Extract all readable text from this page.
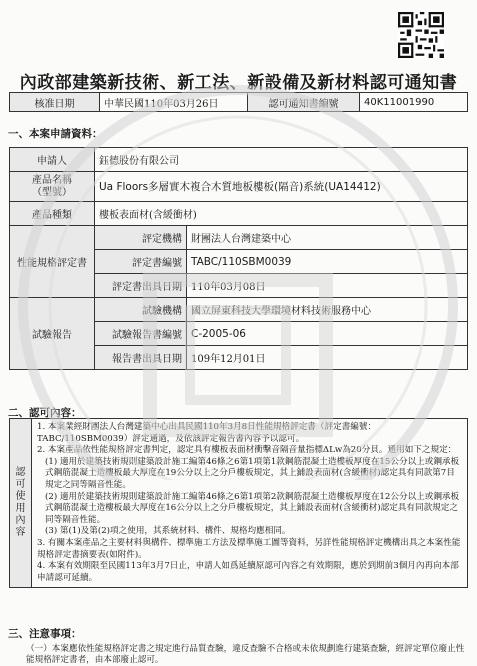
內政部建築新技術、新工法、新設備及新材料認可通知書
核准日期	中華民國110年03月26日	認可通知書編號	40K11001990
一、本案申請資料：
申請人	鈺德股份有限公司	
產品名稱
（型號）	Ua Floors多層實木複合木質地板樓板(隔音)系統(UA14412)	
產品種類	樓板表面材(含緩衝材)	
性能規格評定書	評定機構	財團法人台灣建築中心
	評定書編號	TABC/110SBM0039
	評定書出具日期	110年03月08日
試驗報告	試驗機構	國立屏東科技大學環境材料技術服務中心
	試驗報告書編號	C-2005-06
	報告書出具日期	109年12月01日
二、認可內容：
認可使用內容	

1. 本案業經財團法人台灣建築中心出具民國110年3月8日性能規格評定書（評定書編號：TABC/110SBM0039）評定通過，及依該評定報告書內容予以認可。

2. 本案產品依性能規格評定書判定，認定具有樓板表面材衝擊音隔音量指標ΔLw為20分貝。通用如下之規定：

(1) 適用於建築技術規則建築設計施工編第46條之6第1項第1款鋼筋混凝土造樓板厚度在15公分以上或鋼承板式鋼筋混凝土造樓板最大厚度在19公分以上之分戶樓板規定，其上鋪設表面材(含緩衝材)認定具有同款第7目規定之同等隔音性能。

(2) 適用於建築技術規則建築設計施工編第46條之6第1項第2款鋼筋混凝土造樓板厚度在12公分以上或鋼承板式鋼筋混凝土造樓板最大厚度在16公分以上之分戶樓板規定，其上鋪設表面材(含緩衝材)認定具有同款規定之同等隔音性能。

(3) 第(1)及第(2)項之使用，其系統材料、構件、規格均應相同。

3. 有關本案產品之主要材料與構件、標準施工方法及標準施工圖等資料，另詳性能規格評定機構出具之本案性能規格評定書摘要表(如附件)。

4. 本案有效期限至民國113年3月7日止，申請人如爲延續原認可內容之有效期限，應於到期前3個月內再向本部申請認可延續。

三、注意事項：
（一）本案應依性能規格評定書之規定進行品質查驗，違反查驗不合格或未依規劃進行建築查驗，經評定單位廢止性能規格評定書者，由本部廢止認可。
